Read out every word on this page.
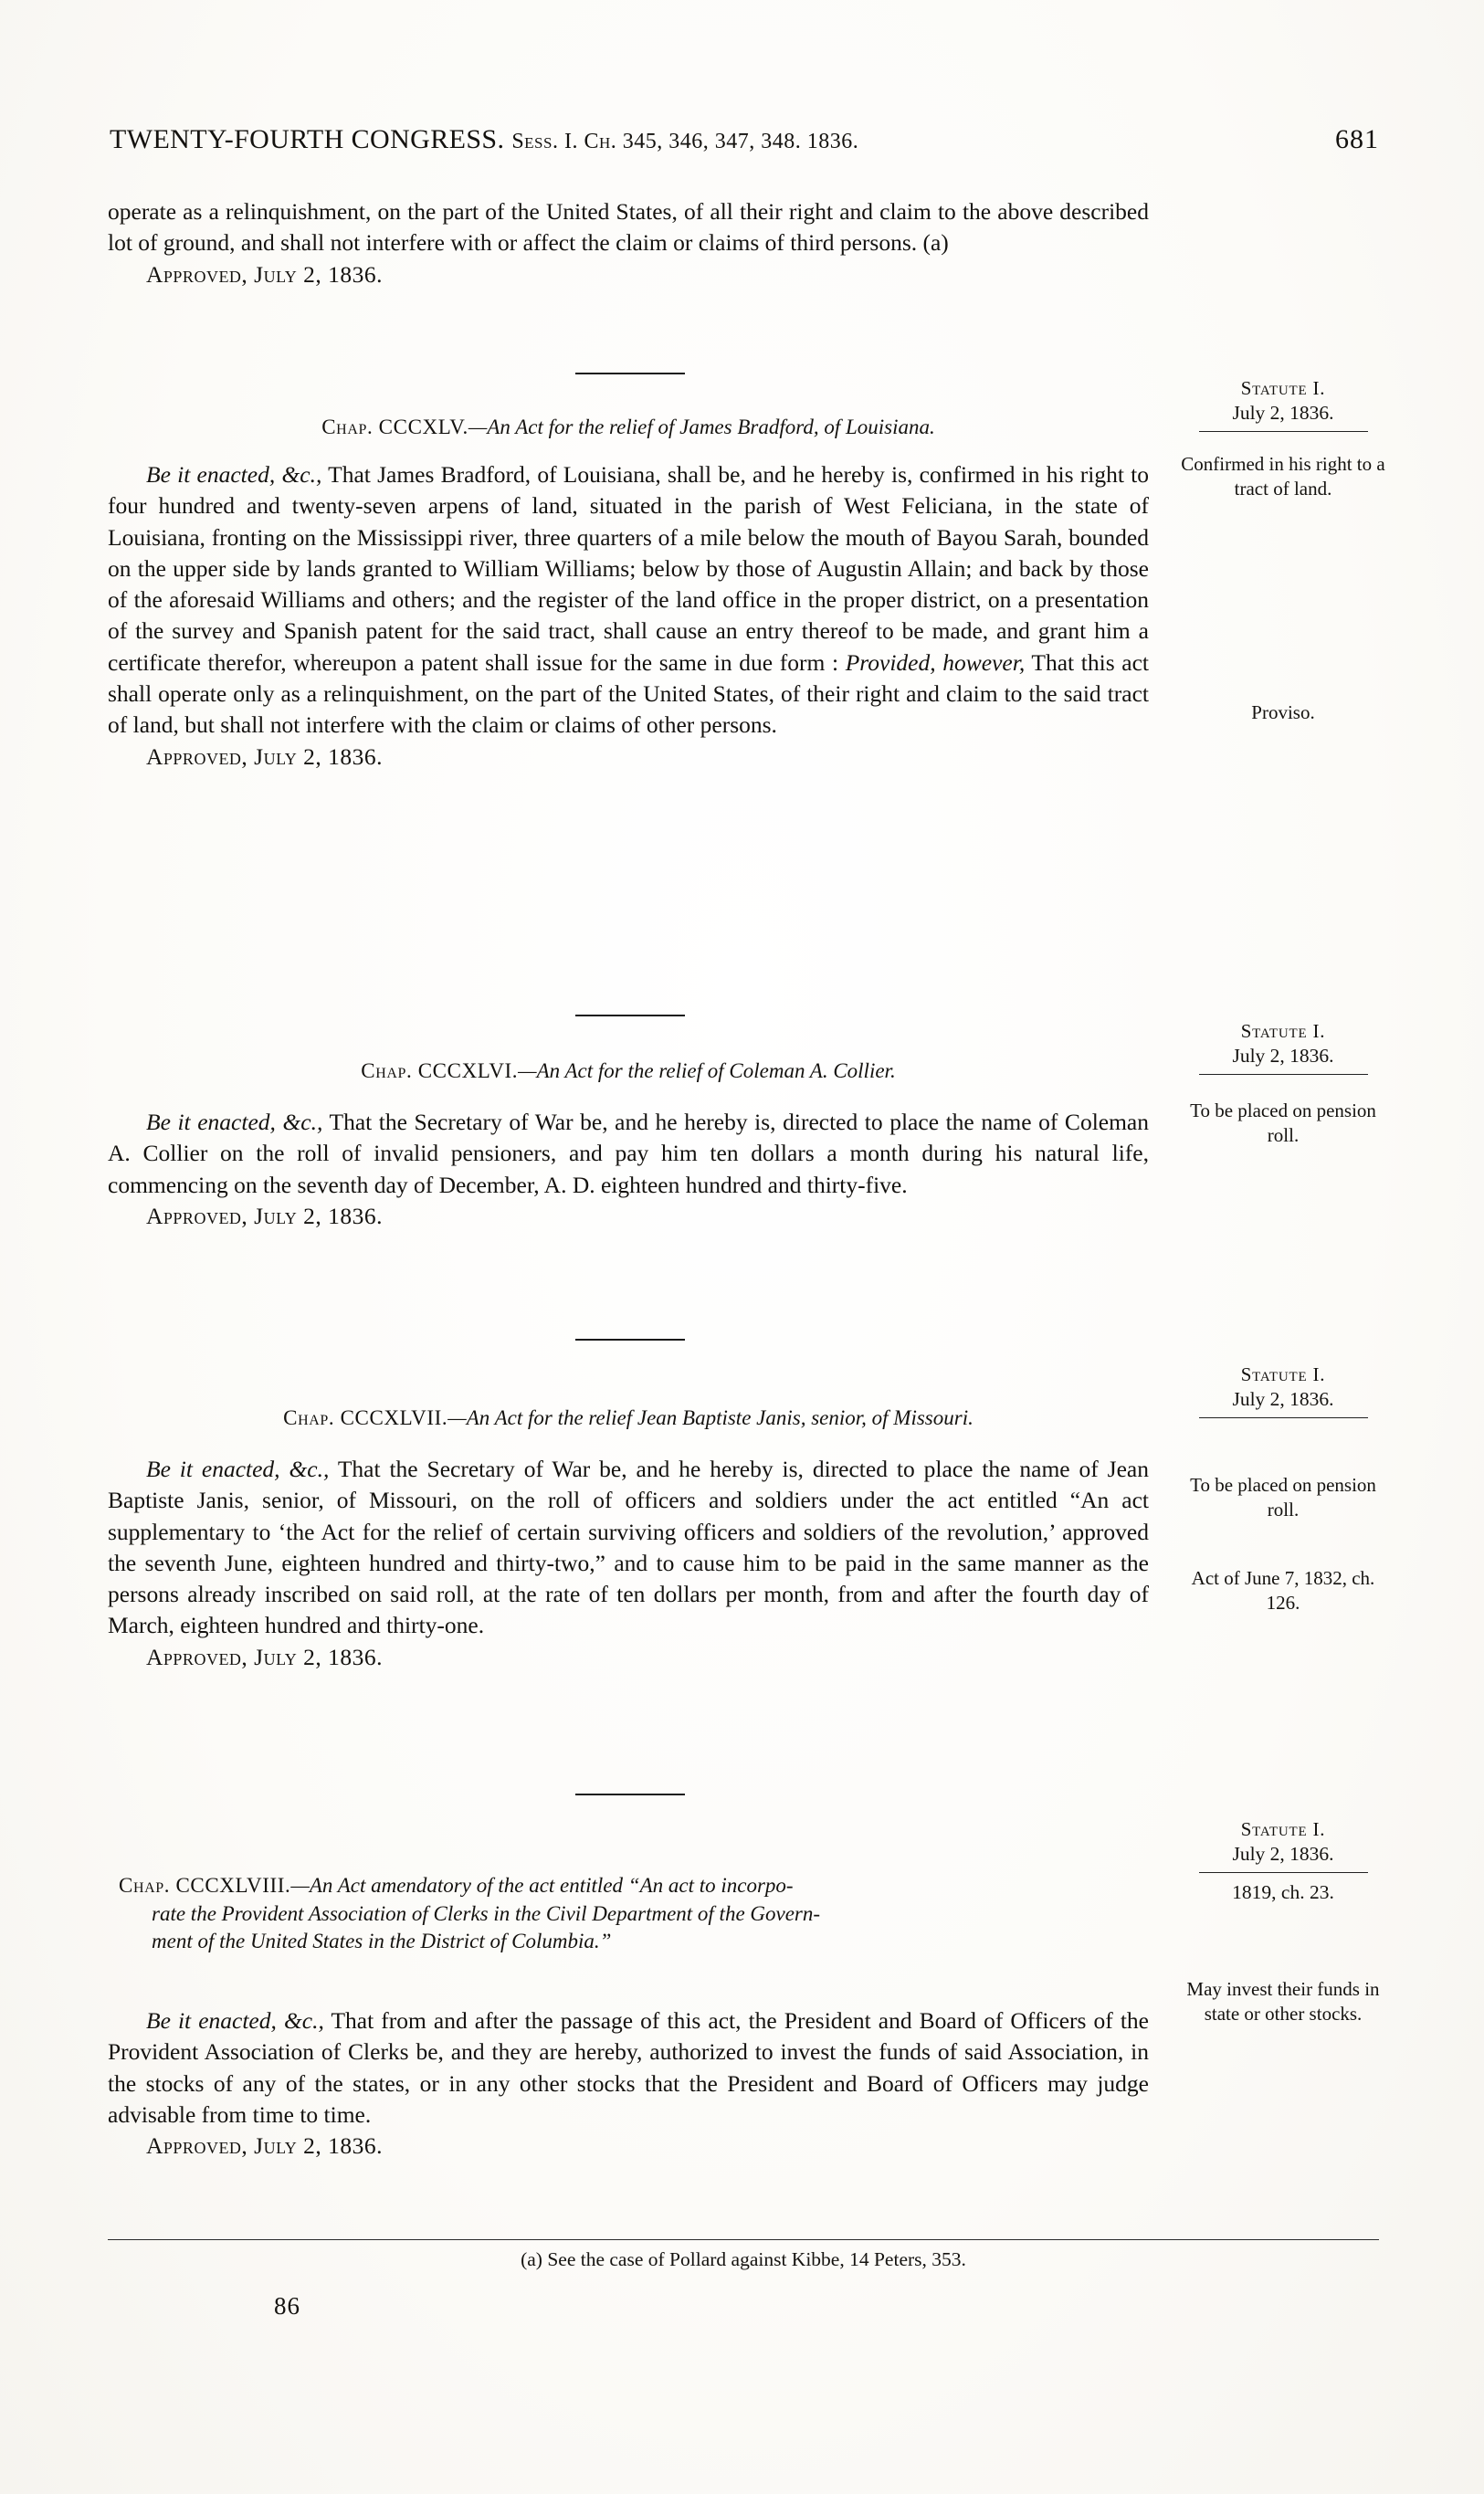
TWENTY-FOURTH CONGRESS. Sess. I. Ch. 345, 346, 347, 348. 1836.	681

operate as a relinquishment, on the part of the United States, of all their right and claim to the above described lot of ground, and shall not interfere with or affect the claim or claims of third persons. (a)

Approved, July 2, 1836.

Chap. CCCXLV.—An Act for the relief of James Bradford, of Louisiana.

Be it enacted, &c., That James Bradford, of Louisiana, shall be, and he hereby is, confirmed in his right to four hundred and twenty-seven arpens of land, situated in the parish of West Feliciana, in the state of Louisiana, fronting on the Mississippi river, three quarters of a mile below the mouth of Bayou Sarah, bounded on the upper side by lands granted to William Williams; below by those of Augustin Allain; and back by those of the aforesaid Williams and others; and the register of the land office in the proper district, on a presentation of the survey and Spanish patent for the said tract, shall cause an entry thereof to be made, and grant him a certificate therefor, whereupon a patent shall issue for the same in due form : Provided, however, That this act shall operate only as a relinquishment, on the part of the United States, of their right and claim to the said tract of land, but shall not interfere with the claim or claims of other persons.

Approved, July 2, 1836.

Statute I.
July 2, 1836.
Confirmed in his right to a tract of land.
Proviso.

Chap. CCCXLVI.—An Act for the relief of Coleman A. Collier.

Be it enacted, &c., That the Secretary of War be, and he hereby is, directed to place the name of Coleman A. Collier on the roll of invalid pensioners, and pay him ten dollars a month during his natural life, commencing on the seventh day of December, A. D. eighteen hundred and thirty-five.

Approved, July 2, 1836.

Statute I.
July 2, 1836.
To be placed on pension roll.

Chap. CCCXLVII.—An Act for the relief Jean Baptiste Janis, senior, of Missouri.

Be it enacted, &c., That the Secretary of War be, and he hereby is, directed to place the name of Jean Baptiste Janis, senior, of Missouri, on the roll of officers and soldiers under the act entitled “An act supplementary to ‘the Act for the relief of certain surviving officers and soldiers of the revolution,’ approved the seventh June, eighteen hundred and thirty-two,” and to cause him to be paid in the same manner as the persons already inscribed on said roll, at the rate of ten dollars per month, from and after the fourth day of March, eighteen hundred and thirty-one.

Approved, July 2, 1836.

Statute I.
July 2, 1836.
To be placed on pension roll.
Act of June 7, 1832, ch. 126.

Chap. CCCXLVIII.—An Act amendatory of the act entitled “An act to incorpo-
rate the Provident Association of Clerks in the Civil Department of the Govern-
ment of the United States in the District of Columbia.”

Be it enacted, &c., That from and after the passage of this act, the President and Board of Officers of the Provident Association of Clerks be, and they are hereby, authorized to invest the funds of said Association, in the stocks of any of the states, or in any other stocks that the President and Board of Officers may judge advisable from time to time.

Approved, July 2, 1836.

Statute I.
July 2, 1836.
1819, ch. 23.
May invest their funds in state or other stocks.
(a) See the case of Pollard against Kibbe, 14 Peters, 353.
86
